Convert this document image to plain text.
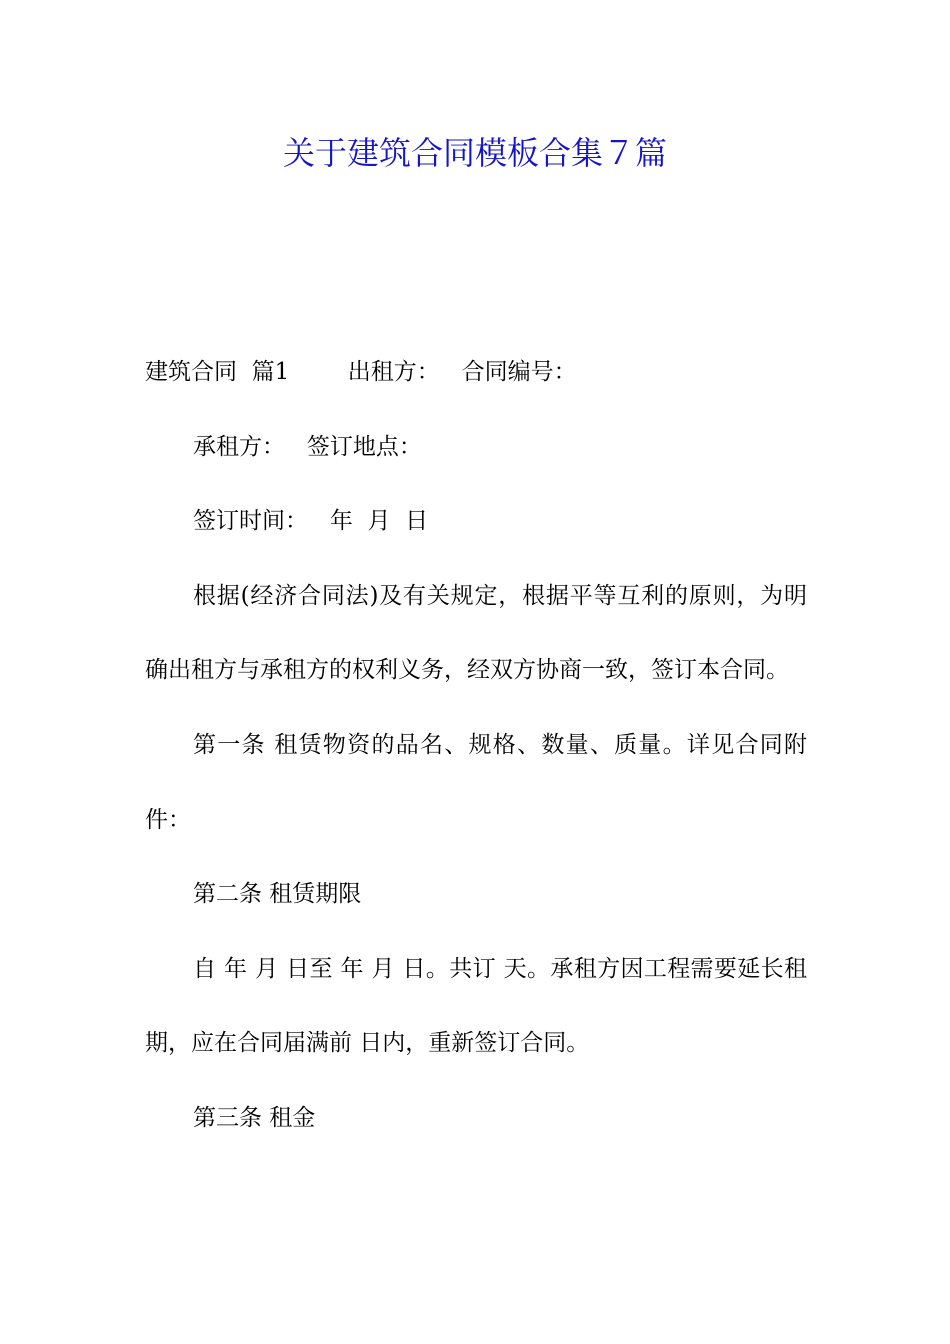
关于建筑合同模板合集７篇

建筑合同  篇1        出租方：   合同编号：

承租方：   签订地点：

签订时间：   年  月  日

根据(经济合同法)及有关规定，根据平等互利的原则，为明确出租方与承租方的权利义务，经双方协商一致，签订本合同。

第一条 租赁物资的品名、规格、数量、质量。详见合同附件：

第二条 租赁期限

自 年 月 日至 年 月 日。共订 天。承租方因工程需要延长租期，应在合同届满前 日内，重新签订合同。

第三条 租金
